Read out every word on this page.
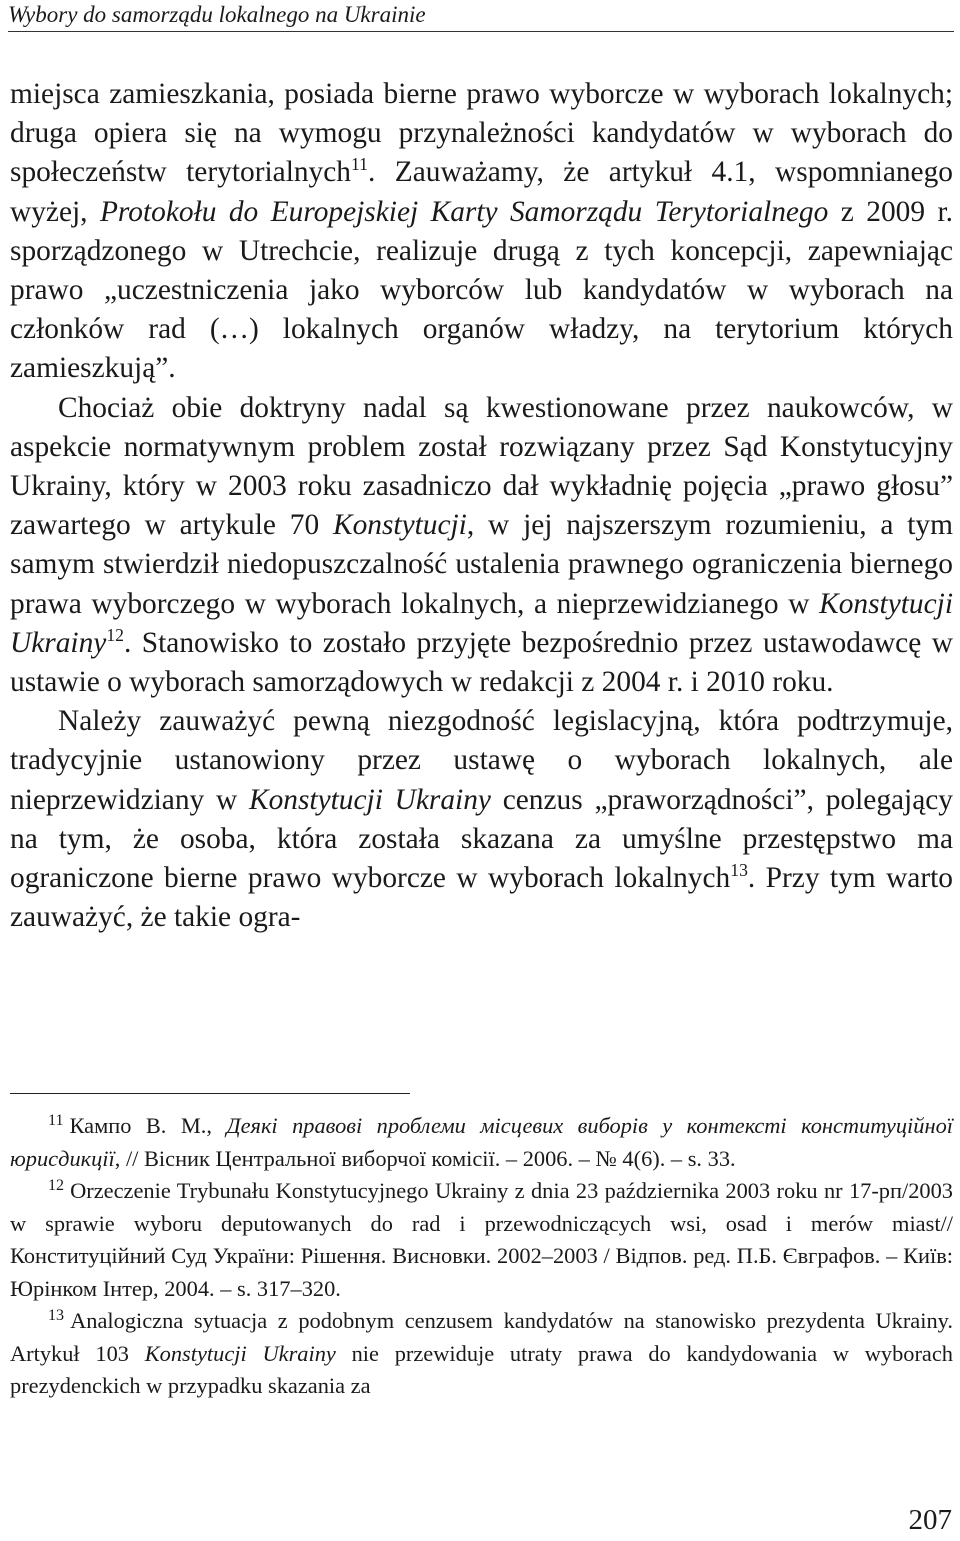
Wybory do samorządu lokalnego na Ukrainie

miejsca zamieszkania, posiada bierne prawo wyborcze w wyborach lokalnych; druga opiera się na wymogu przynależności kandydatów w wyborach do społeczeństw terytorialnych$^{11}$. Zauważamy, że artykuł 4.1, wspomnianego wyżej, Protokołu do Europejskiej Karty Samorządu Terytorialnego z 2009 r. sporządzonego w Utrechcie, realizuje drugą z tych koncepcji, zapewniając prawo „uczestniczenia jako wyborców lub kandydatów w wyborach na członków rad (…) lokalnych organów władzy, na terytorium których zamieszkują”.

Chociaż obie doktryny nadal są kwestionowane przez naukowców, w aspekcie normatywnym problem został rozwiązany przez Sąd Konstytucyjny Ukrainy, który w 2003 roku zasadniczo dał wykładnię pojęcia „prawo głosu” zawartego w artykule 70 Konstytucji, w jej najszerszym rozumieniu, a tym samym stwierdził niedopuszczalność ustalenia prawnego ograniczenia biernego prawa wyborczego w wyborach lokalnych, a nieprzewidzianego w Konstytucji Ukrainy$^{12}$. Stanowisko to zostało przyjęte bezpośrednio przez ustawodawcę w ustawie o wyborach samorządowych w redakcji z 2004 r. i 2010 roku.

Należy zauważyć pewną niezgodność legislacyjną, która podtrzymuje, tradycyjnie ustanowiony przez ustawę o wyborach lokalnych, ale nieprzewidziany w Konstytucji Ukrainy cenzus „praworządności”, polegający na tym, że osoba, która została skazana za umyślne przestępstwo ma ograniczone bierne prawo wyborcze w wyborach lokalnych$^{13}$. Przy tym warto zauważyć, że takie ogra-

$^{11}$ Кампо В. М., Деякі правові проблеми місцевих виборів у контексті конституційної юрисдикції, // Вісник Центральної виборчої комісії. – 2006. – № 4(6). – s. 33.

$^{12}$ Orzeczenie Trybunału Konstytucyjnego Ukrainy z dnia 23 października 2003 roku nr 17-рп/2003 w sprawie wyboru deputowanych do rad i przewodniczących wsi, osad i merów miast// Конституційний Суд України: Рішення. Висновки. 2002–2003 / Відпов. ред. П.Б. Євграфов. – Київ: Юрінком Інтер, 2004. – s. 317–320.

$^{13}$ Analogiczna sytuacja z podobnym cenzusem kandydatów na stanowisko prezydenta Ukrainy. Artykuł 103 Konstytucji Ukrainy nie przewiduje utraty prawa do kandydowania w wyborach prezydenckich w przypadku skazania za

207
